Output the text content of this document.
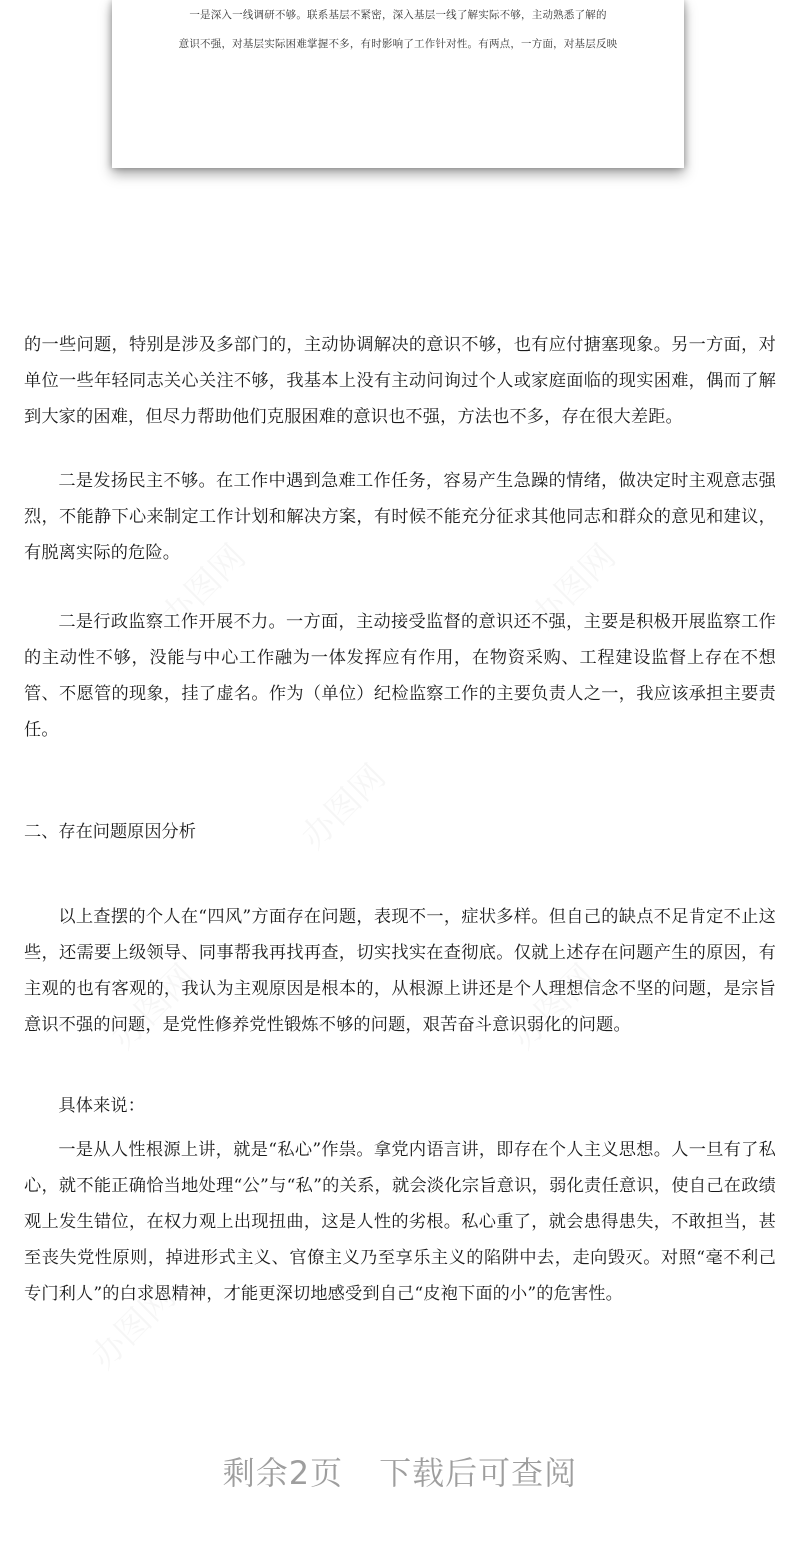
一是深入一线调研不够。联系基层不紧密，深入基层一线了解实际不够，主动熟悉了解的
意识不强，对基层实际困难掌握不多，有时影响了工作针对性。有两点，一方面，对基层反映

的一些问题，特别是涉及多部门的，主动协调解决的意识不够，也有应付搪塞现象。另一方面，对单位一些年轻同志关心关注不够，我基本上没有主动问询过个人或家庭面临的现实困难，偶而了解到大家的困难，但尽力帮助他们克服困难的意识也不强，方法也不多，存在很大差距。

二是发扬民主不够。在工作中遇到急难工作任务，容易产生急躁的情绪，做决定时主观意志强烈，不能静下心来制定工作计划和解决方案，有时候不能充分征求其他同志和群众的意见和建议，有脱离实际的危险。

二是行政监察工作开展不力。一方面，主动接受监督的意识还不强，主要是积极开展监察工作的主动性不够，没能与中心工作融为一体发挥应有作用，在物资采购、工程建设监督上存在不想管、不愿管的现象，挂了虚名。作为（单位）纪检监察工作的主要负责人之一，我应该承担主要责任。

二、存在问题原因分析

以上查摆的个人在“四风”方面存在问题，表现不一，症状多样。但自己的缺点不足肯定不止这些，还需要上级领导、同事帮我再找再查，切实找实在查彻底。仅就上述存在问题产生的原因，有主观的也有客观的，我认为主观原因是根本的，从根源上讲还是个人理想信念不坚的问题，是宗旨意识不强的问题，是党性修养党性锻炼不够的问题，艰苦奋斗意识弱化的问题。

具体来说：

一是从人性根源上讲，就是“私心”作祟。拿党内语言讲，即存在个人主义思想。人一旦有了私心，就不能正确恰当地处理“公”与“私”的关系，就会淡化宗旨意识，弱化责任意识，使自己在政绩观上发生错位，在权力观上出现扭曲，这是人性的劣根。私心重了，就会患得患失，不敢担当，甚至丧失党性原则，掉进形式主义、官僚主义乃至享乐主义的陷阱中去，走向毁灭。对照“毫不利己专门利人”的白求恩精神，才能更深切地感受到自己“皮袍下面的小”的危害性。

剩余2页 下载后可查阅
